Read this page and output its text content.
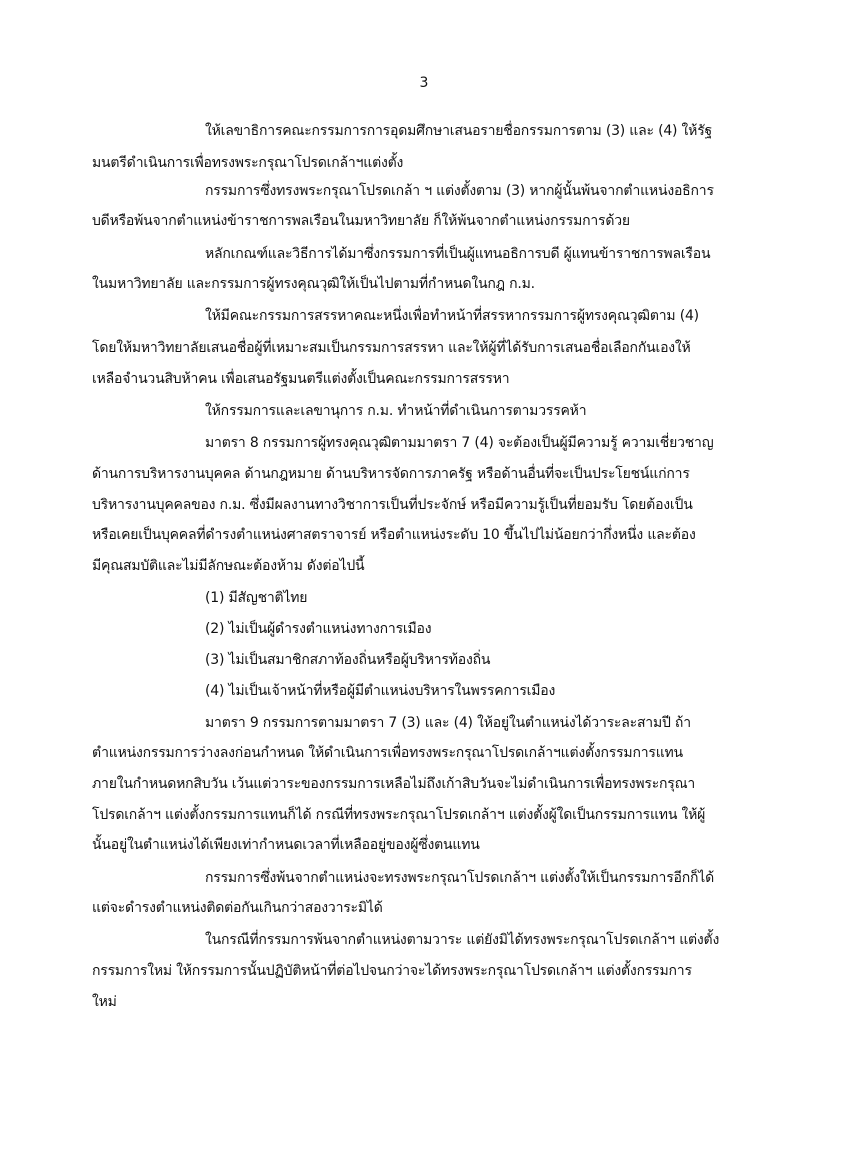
3

ให้เลขาธิการคณะกรรมการการอุดมศึกษาเสนอรายชื่อกรรมการตาม (3) และ (4) ให้รัฐ

มนตรีดำเนินการเพื่อทรงพระกรุณาโปรดเกล้าฯแต่งตั้ง

กรรมการซึ่งทรงพระกรุณาโปรดเกล้า ฯ แต่งตั้งตาม (3) หากผู้นั้นพ้นจากตำแหน่งอธิการ

บดีหรือพ้นจากตำแหน่งข้าราชการพลเรือนในมหาวิทยาลัย ก็ให้พ้นจากตำแหน่งกรรมการด้วย

หลักเกณฑ์และวิธีการได้มาซึ่งกรรมการที่เป็นผู้แทนอธิการบดี ผู้แทนข้าราชการพลเรือน

ในมหาวิทยาลัย และกรรมการผู้ทรงคุณวุฒิให้เป็นไปตามที่กำหนดในกฎ ก.ม.

ให้มีคณะกรรมการสรรหาคณะหนึ่งเพื่อทำหน้าที่สรรหากรรมการผู้ทรงคุณวุฒิตาม (4)

โดยให้มหาวิทยาลัยเสนอชื่อผู้ที่เหมาะสมเป็นกรรมการสรรหา และให้ผู้ที่ได้รับการเสนอชื่อเลือกกันเองให้

เหลือจำนวนสิบห้าคน เพื่อเสนอรัฐมนตรีแต่งตั้งเป็นคณะกรรมการสรรหา

ให้กรรมการและเลขานุการ ก.ม. ทำหน้าที่ดำเนินการตามวรรคห้า

มาตรา 8 กรรมการผู้ทรงคุณวุฒิตามมาตรา 7 (4) จะต้องเป็นผู้มีความรู้ ความเชี่ยวชาญ

ด้านการบริหารงานบุคคล ด้านกฎหมาย ด้านบริหารจัดการภาครัฐ หรือด้านอื่นที่จะเป็นประโยชน์แก่การ

บริหารงานบุคคลของ ก.ม. ซึ่งมีผลงานทางวิชาการเป็นที่ประจักษ์ หรือมีความรู้เป็นที่ยอมรับ โดยต้องเป็น

หรือเคยเป็นบุคคลที่ดำรงตำแหน่งศาสตราจารย์ หรือตำแหน่งระดับ 10 ขึ้นไปไม่น้อยกว่ากึ่งหนึ่ง และต้อง

มีคุณสมบัติและไม่มีลักษณะต้องห้าม ดังต่อไปนี้

(1) มีสัญชาติไทย

(2) ไม่เป็นผู้ดำรงตำแหน่งทางการเมือง

(3) ไม่เป็นสมาชิกสภาท้องถิ่นหรือผู้บริหารท้องถิ่น

(4) ไม่เป็นเจ้าหน้าที่หรือผู้มีตำแหน่งบริหารในพรรคการเมือง

มาตรา 9 กรรมการตามมาตรา 7 (3) และ (4) ให้อยู่ในตำแหน่งได้วาระละสามปี ถ้า

ตำแหน่งกรรมการว่างลงก่อนกำหนด ให้ดำเนินการเพื่อทรงพระกรุณาโปรดเกล้าฯแต่งตั้งกรรมการแทน

ภายในกำหนดหกสิบวัน เว้นแต่วาระของกรรมการเหลือไม่ถึงเก้าสิบวันจะไม่ดำเนินการเพื่อทรงพระกรุณา

โปรดเกล้าฯ แต่งตั้งกรรมการแทนก็ได้ กรณีที่ทรงพระกรุณาโปรดเกล้าฯ แต่งตั้งผู้ใดเป็นกรรมการแทน ให้ผู้

นั้นอยู่ในตำแหน่งได้เพียงเท่ากำหนดเวลาที่เหลืออยู่ของผู้ซึ่งตนแทน

กรรมการซึ่งพ้นจากตำแหน่งจะทรงพระกรุณาโปรดเกล้าฯ แต่งตั้งให้เป็นกรรมการอีกก็ได้

แต่จะดำรงตำแหน่งติดต่อกันเกินกว่าสองวาระมิได้

ในกรณีที่กรรมการพ้นจากตำแหน่งตามวาระ แต่ยังมิได้ทรงพระกรุณาโปรดเกล้าฯ แต่งตั้ง

กรรมการใหม่ ให้กรรมการนั้นปฏิบัติหน้าที่ต่อไปจนกว่าจะได้ทรงพระกรุณาโปรดเกล้าฯ แต่งตั้งกรรมการ

ใหม่
